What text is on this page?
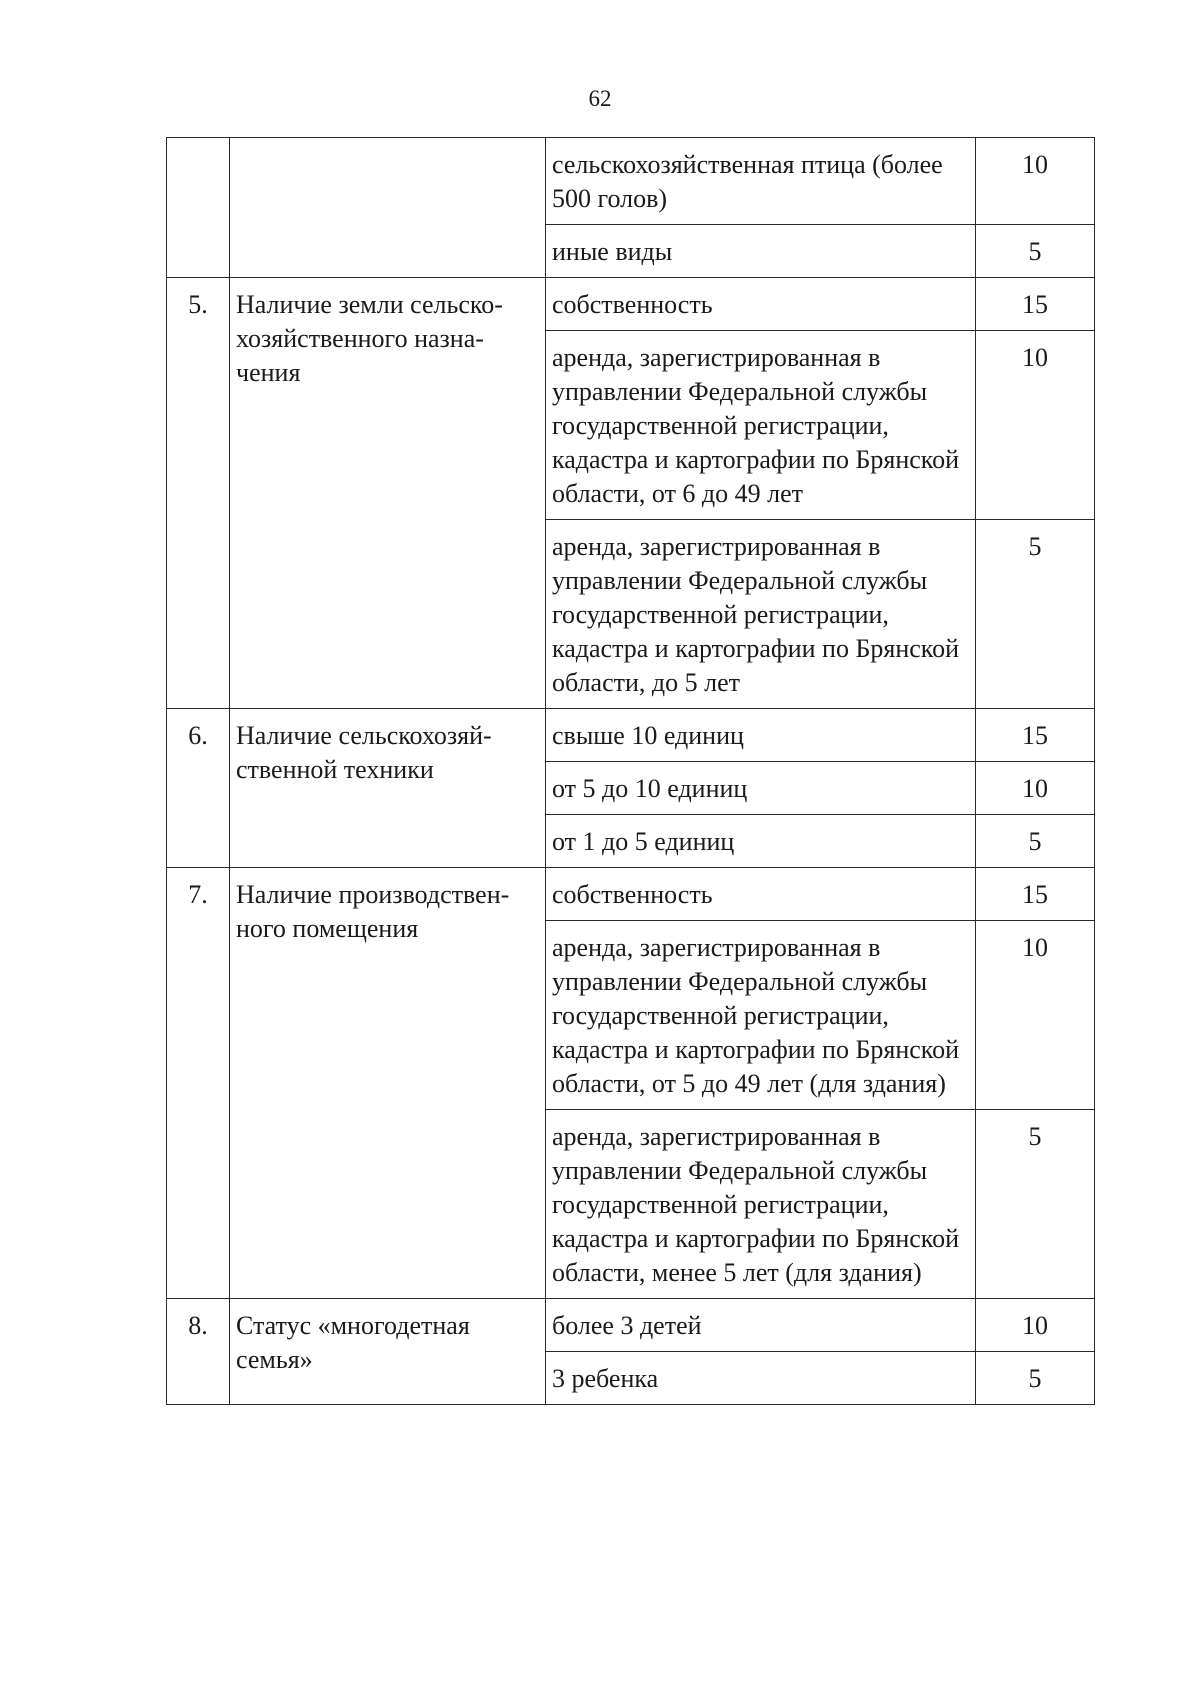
62
		сельскохозяйственная птица (более 500 голов)	10
		иные виды	5
5.	Наличие земли сельско-хозяйственного назна-чения	собственность	15
		аренда, зарегистрированная в управлении Федеральной службы государственной регистрации, кадастра и картографии по Брянской области, от 6 до 49 лет	10
		аренда, зарегистрированная в управлении Федеральной службы государственной регистрации, кадастра и картографии по Брянской области, до 5 лет	5
6.	Наличие сельскохозяй-ственной техники	свыше 10 единиц	15
		от 5 до 10 единиц	10
		от 1 до 5 единиц	5
7.	Наличие производствен-ного помещения	собственность	15
		аренда, зарегистрированная в управлении Федеральной службы государственной регистрации, кадастра и картографии по Брянской области, от 5 до 49 лет (для здания)	10
		аренда, зарегистрированная в управлении Федеральной службы государственной регистрации, кадастра и картографии по Брянской области, менее 5 лет (для здания)	5
8.	Статус «многодетная семья»	более 3 детей	10
		3 ребенка	5
